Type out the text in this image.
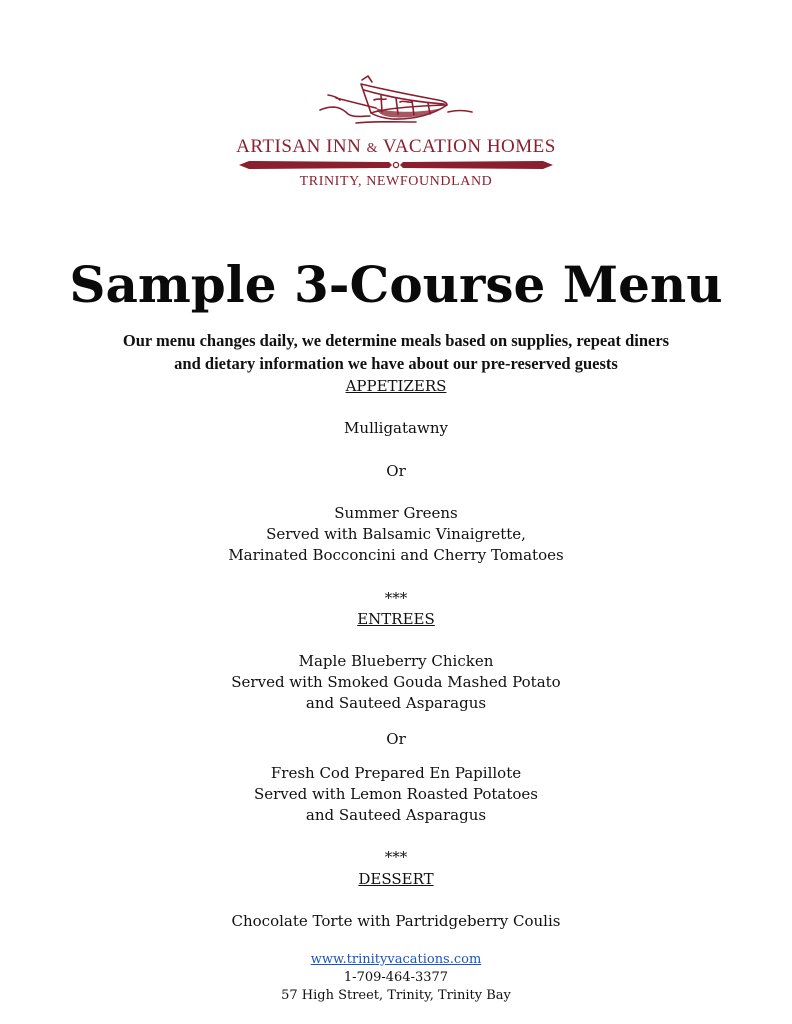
ARTISAN INN & VACATION HOMES
TRINITY, NEWFOUNDLAND
Sample 3-Course Menu
Our menu changes daily, we determine meals based on supplies, repeat diners
and dietary information we have about our pre-reserved guests
APPETIZERS
Mulligatawny
Or
Summer Greens
Served with Balsamic Vinaigrette,
Marinated Bocconcini and Cherry Tomatoes
***
ENTREES
Maple Blueberry Chicken
Served with Smoked Gouda Mashed Potato
and Sauteed Asparagus
Or
Fresh Cod Prepared En Papillote
Served with Lemon Roasted Potatoes
and Sauteed Asparagus
***
DESSERT
Chocolate Torte with Partridgeberry Coulis
www.trinityvacations.com
1-709-464-3377
57 High Street, Trinity, Trinity Bay
